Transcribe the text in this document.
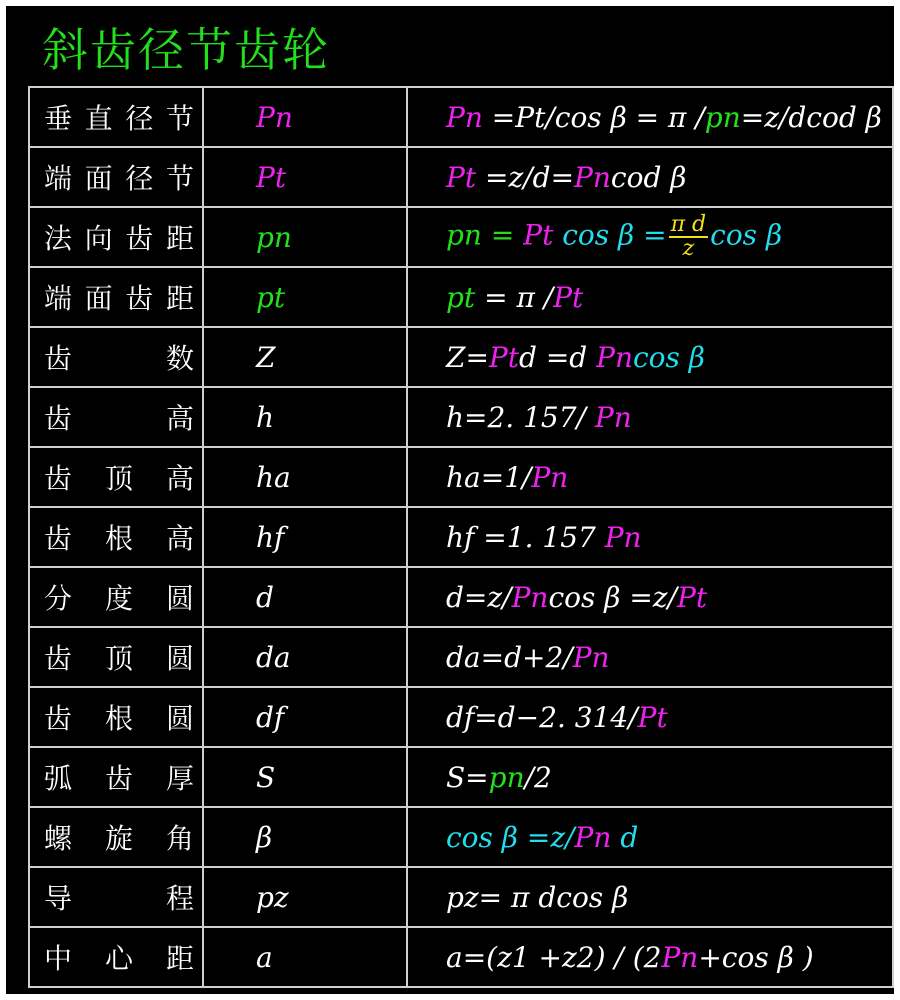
斜齿径节齿轮
垂 直 径 节	Pn	Pn =Pt/cos β = π /pn=z/dcod β

端 面 径 节	Pt	Pt =z/d=Pncod β

法 向 齿 距	pn	pn = Pt $\cos \beta = \frac{\text{π d}}{z}$ cos β

端 面 齿 距	pt	pt = π /Pt

齿 数	Z	Z=Ptd =d Pncos β

齿 高	h	h=2. 157/ Pn

齿 顶 高	ha	ha=1/Pn

齿 根 高	hf	hf =1. 157 Pn

分 度 圆	d	d=z/Pncos β =z/Pt

齿 顶 圆	da	da=d+2/Pn

齿 根 圆	df	df=d−2. 314/Pt

弧 齿 厚	S	S=pn/2

螺 旋 角	β	cos β =z/Pn d

导 程	pz	pz= π dcos β

中 心 距	a	a=(z1 +z2) / (2Pn+cos β )
